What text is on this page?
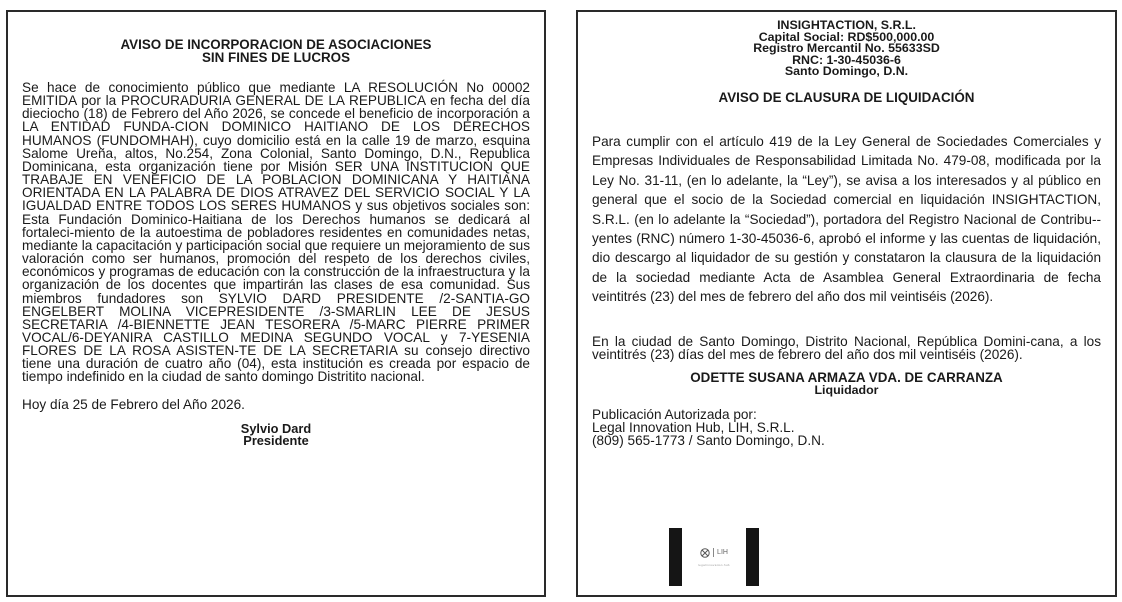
AVISO DE INCORPORACION DE ASOCIACIONES

SIN FINES DE LUCROS

Se hace de conocimiento público que mediante LA RESOLUCIÓN No 00002 EMITIDA por la PROCURADURIA GENERAL DE LA REPUBLICA en fecha del día dieciocho (18) de Febrero del Año 2026, se concede el beneficio de incorporación a LA ENTIDAD FUNDA-CION DOMINICO HAITIANO DE LOS DERECHOS HUMANOS (FUNDOMHAH), cuyo domicilio está en la calle 19 de marzo, esquina Salome Ureña, altos, No.254, Zona Colonial, Santo Domingo, D.N., Republica Dominicana, esta organización tiene por Misión SER UNA INSTITUCION QUE TRABAJE EN VENEFICIO DE LA POBLACION DOMINICANA Y HAITIANA ORIENTADA EN LA PALABRA DE DIOS ATRAVEZ DEL SERVICIO SOCIAL Y LA IGUALDAD ENTRE TODOS LOS SERES HUMANOS y sus objetivos sociales son: Esta Fundación Dominico-Haitiana de los Derechos humanos se dedicará al fortaleci-miento de la autoestima de pobladores residentes en comunidades netas, mediante la capacitación y participación social que requiere un mejoramiento de sus valoración como ser humanos, promoción del respeto de los derechos civiles, económicos y programas de educación con la construcción de la infraestructura y la organización de los docentes que impartirán las clases de esa comunidad. Sus miembros fundadores son SYLVIO DARD PRESIDENTE /2-SANTIA-GO ENGELBERT MOLINA VICEPRESIDENTE /3-SMARLIN LEE DE JESUS SECRETARIA /4-BIENNETTE JEAN TESORERA /5-MARC PIERRE PRIMER VOCAL/6-DEYANIRA CASTILLO MEDINA SEGUNDO VOCAL y 7-YESENIA FLORES DE LA ROSA ASISTEN-TE DE LA SECRETARIA su consejo directivo tiene una duración de cuatro año (04), esta institución es creada por espacio de tiempo indefinido en la ciudad de santo domingo Distritito nacional.

Hoy día 25 de Febrero del Año 2026.

Sylvio Dard

Presidente

INSIGHTACTION, S.R.L.

Capital Social: RD$500,000.00

Registro Mercantil No. 55633SD

RNC: 1-30-45036-6

Santo Domingo, D.N.

AVISO DE CLAUSURA DE LIQUIDACIÓN

Para cumplir con el artículo 419 de la Ley General de Sociedades Comerciales y Empresas Individuales de Responsabilidad Limitada No. 479-08, modificada por la Ley No. 31-11, (en lo adelante, la “Ley”), se avisa a los interesados y al público en general que el socio de la Sociedad comercial en liquidación INSIGHTACTION, S.R.L. (en lo adelante la “Sociedad”), portadora del Registro Nacional de Contribu-yentes (RNC) número 1-30-45036-6, aprobó el informe y las cuentas de liquidación, dio descargo al liquidador de su gestión y constataron la clausura de la liquidación de la sociedad mediante Acta de Asamblea General Extraordinaria de fecha veintitrés (23) del mes de febrero del año dos mil veintiséis (2026).

En la ciudad de Santo Domingo, Distrito Nacional, República Domini-cana, a los veintitrés (23) días del mes de febrero del año dos mil veintiséis (2026).

ODETTE SUSANA ARMAZA VDA. DE CARRANZA

Liquidador

Publicación Autorizada por:
Legal Innovation Hub, LIH, S.R.L.
(809) 565-1773 / Santo Domingo, D.N.
LIH
legalinnovation.hub
